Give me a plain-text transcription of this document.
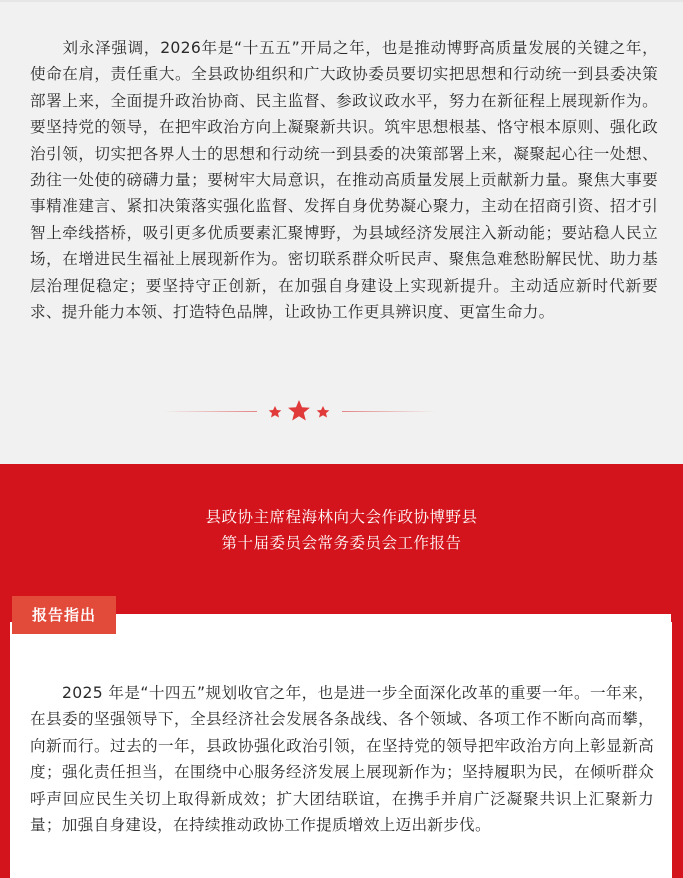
　　刘永泽强调，2026年是“十五五”开局之年，也是推动博野高质量发展的关键之年，使命在肩，责任重大。全县政协组织和广大政协委员要切实把思想和行动统一到县委决策部署上来，全面提升政治协商、民主监督、参政议政水平，努力在新征程上展现新作为。要坚持党的领导，在把牢政治方向上凝聚新共识。筑牢思想根基、恪守根本原则、强化政治引领，切实把各界人士的思想和行动统一到县委的决策部署上来，凝聚起心往一处想、劲往一处使的磅礴力量；要树牢大局意识，在推动高质量发展上贡献新力量。聚焦大事要事精准建言、紧扣决策落实强化监督、发挥自身优势凝心聚力，主动在招商引资、招才引智上牵线搭桥，吸引更多优质要素汇聚博野，为县域经济发展注入新动能；要站稳人民立场，在增进民生福祉上展现新作为。密切联系群众听民声、聚焦急难愁盼解民忧、助力基层治理促稳定；要坚持守正创新，在加强自身建设上实现新提升。主动适应新时代新要求、提升能力本领、打造特色品牌，让政协工作更具辨识度、更富生命力。

县政协主席程海林向大会作政协博野县
第十届委员会常务委员会工作报告
报告指出

　　2025 年是“十四五”规划收官之年，也是进一步全面深化改革的重要一年。一年来，在县委的坚强领导下，全县经济社会发展各条战线、各个领域、各项工作不断向高而攀，向新而行。过去的一年，县政协强化政治引领，在坚持党的领导把牢政治方向上彰显新高度；强化责任担当，在围绕中心服务经济发展上展现新作为；坚持履职为民，在倾听群众呼声回应民生关切上取得新成效；扩大团结联谊，在携手并肩广泛凝聚共识上汇聚新力量；加强自身建设，在持续推动政协工作提质增效上迈出新步伐。
